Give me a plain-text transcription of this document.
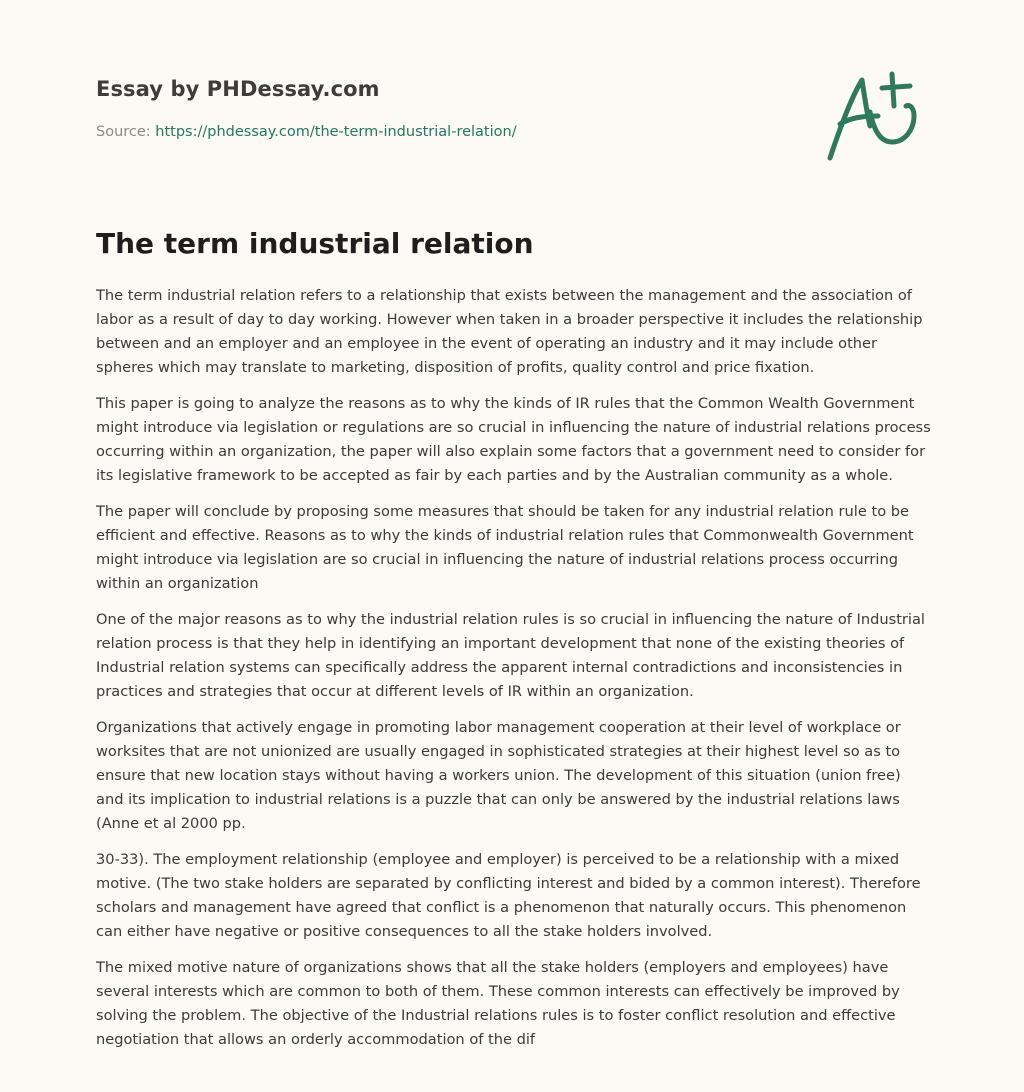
Essay by PHDessay.com
Source: https://phdessay.com/the-term-industrial-relation/
The term industrial relation

The term industrial relation refers to a relationship that exists between the management and the association of labor as a result of day to day working. However when taken in a broader perspective it includes the relationship between and an employer and an employee in the event of operating an industry and it may include other spheres which may translate to marketing, disposition of profits, quality control and price fixation.

This paper is going to analyze the reasons as to why the kinds of IR rules that the Common Wealth Government might introduce via legislation or regulations are so crucial in influencing the nature of industrial relations process occurring within an organization, the paper will also explain some factors that a government need to consider for its legislative framework to be accepted as fair by each parties and by the Australian community as a whole.

The paper will conclude by proposing some measures that should be taken for any industrial relation rule to be efficient and effective. Reasons as to why the kinds of industrial relation rules that Commonwealth Government might introduce via legislation are so crucial in influencing the nature of industrial relations process occurring within an organization

One of the major reasons as to why the industrial relation rules is so crucial in influencing the nature of Industrial relation process is that they help in identifying an important development that none of the existing theories of Industrial relation systems can specifically address the apparent internal contradictions and inconsistencies in practices and strategies that occur at different levels of IR within an organization.

Organizations that actively engage in promoting labor management cooperation at their level of workplace or worksites that are not unionized are usually engaged in sophisticated strategies at their highest level so as to ensure that new location stays without having a workers union. The development of this situation (union free) and its implication to industrial relations is a puzzle that can only be answered by the industrial relations laws (Anne et al 2000 pp.

30-33). The employment relationship (employee and employer) is perceived to be a relationship with a mixed motive. (The two stake holders are separated by conflicting interest and bided by a common interest). Therefore scholars and management have agreed that conflict is a phenomenon that naturally occurs. This phenomenon can either have negative or positive consequences to all the stake holders involved.

The mixed motive nature of organizations shows that all the stake holders (employers and employees) have several interests which are common to both of them. These common interests can effectively be improved by solving the problem. The objective of the Industrial relations rules is to foster conflict resolution and effective negotiation that allows an orderly accommodation of the dif
